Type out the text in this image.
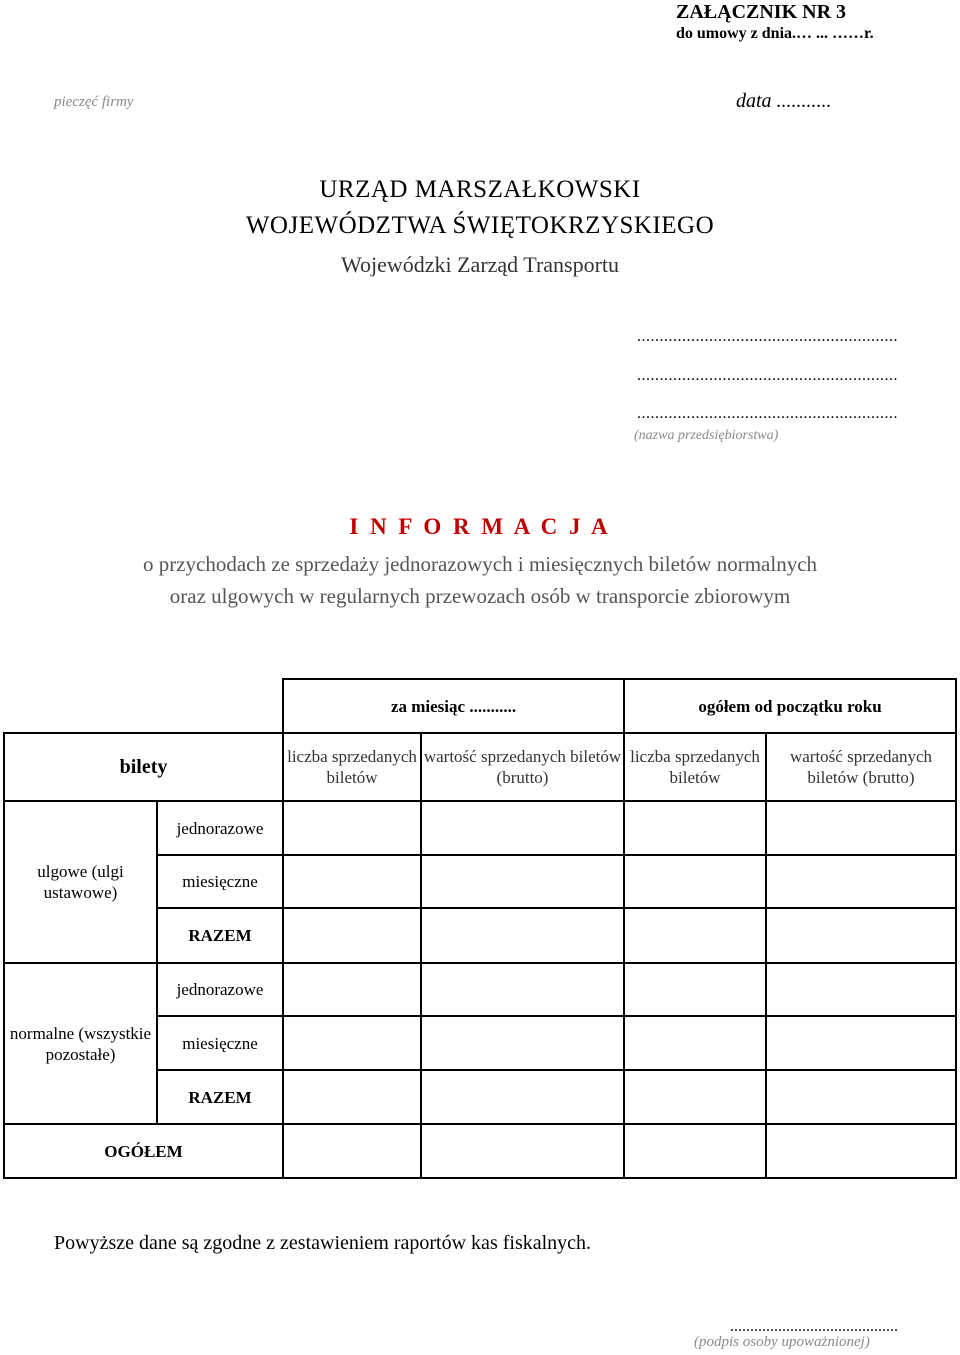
ZAŁĄCZNIK NR 3
do umowy z dnia.… ... ……r.
pieczęć firmy	data ...........
URZĄD MARSZAŁKOWSKI
WOJEWÓDZTWA ŚWIĘTOKRZYSKIEGO
Wojewódzki Zarząd Transportu
..........................................................
..........................................................
..........................................................
(nazwa przedsiębiorstwa)
I N F O R M A C J A
o przychodach ze sprzedaży jednorazowych i miesięcznych biletów normalnych
oraz ulgowych w regularnych przewozach osób w transporcie zbiorowym
		za miesiąc ...........		ogółem od początku roku	
bilety		liczba sprzedanych biletów	wartość sprzedanych biletów (brutto)	liczba sprzedanych biletów	wartość sprzedanych biletów (brutto)
ulgowe (ulgi ustawowe)	jednorazowe				
	miesięczne				
	RAZEM				
normalne (wszystkie pozostałe)	jednorazowe				
	miesięczne				
	RAZEM				
OGÓŁEM					
Powyższe dane są zgodne z zestawieniem raportów kas fiskalnych.
..........................................
(podpis osoby upoważnionej)
